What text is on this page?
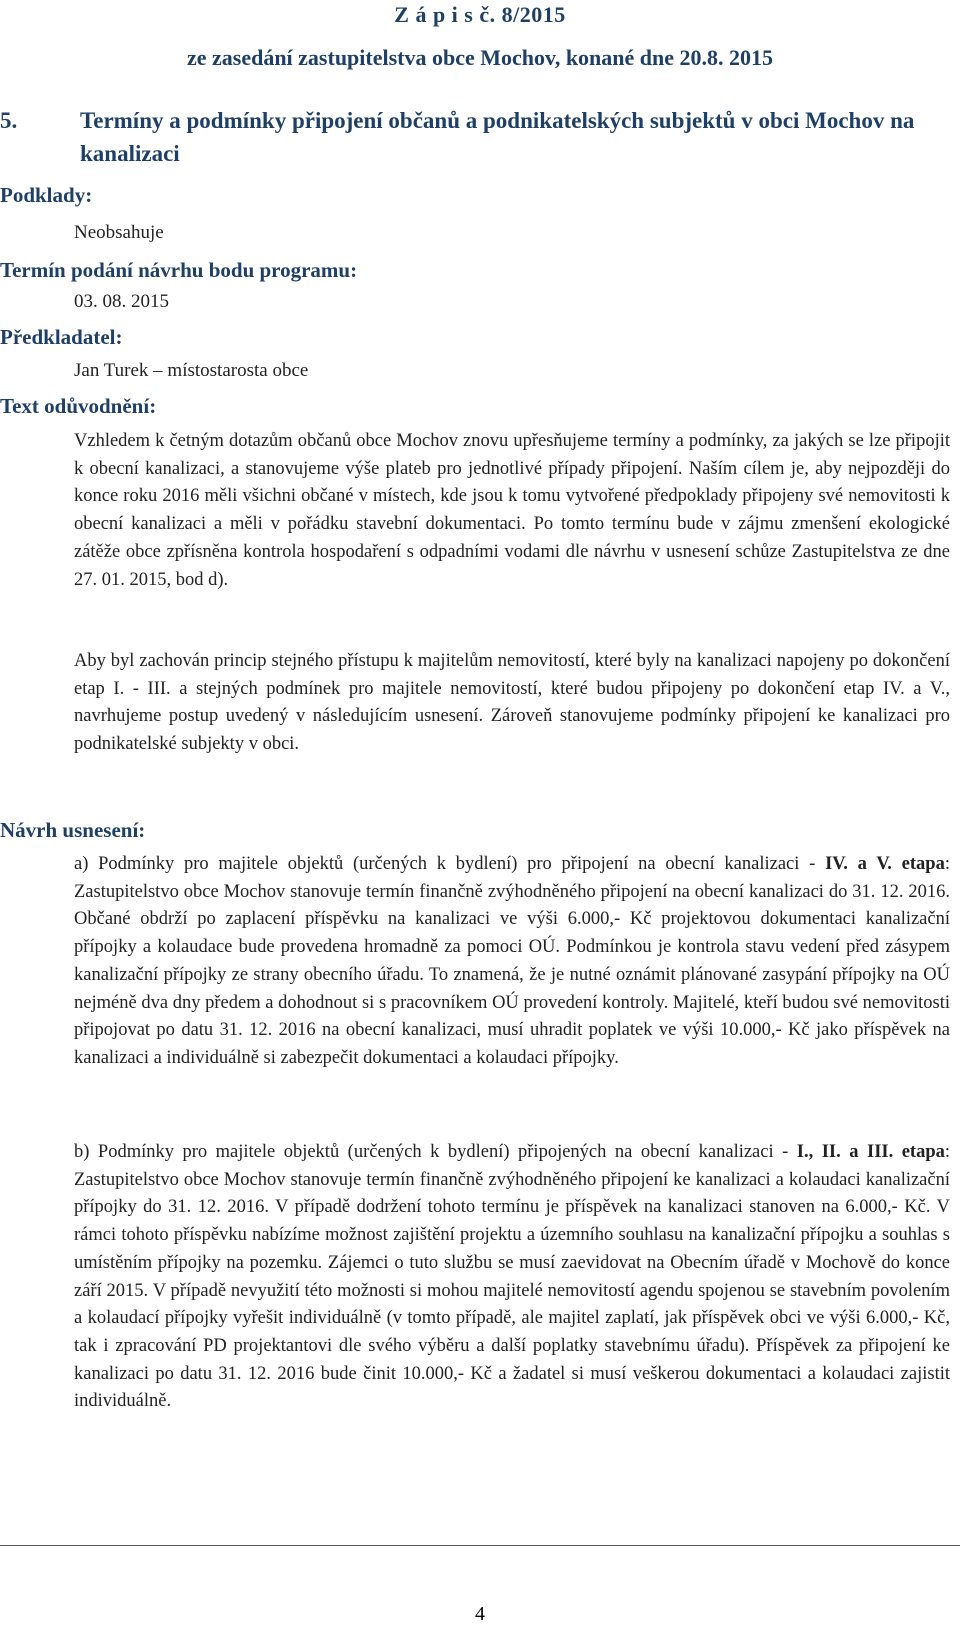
Z á p i s č. 8/2015
ze zasedání zastupitelstva obce Mochov, konané dne 20.8. 2015
5.	Termíny a podmínky připojení občanů a podnikatelských subjektů v obci Mochov na kanalizaci
Podklady:
Neobsahuje
Termín podání návrhu bodu programu:
03. 08. 2015
Předkladatel:
Jan Turek – místostarosta obce
Text odůvodnění:
Vzhledem k četným dotazům občanů obce Mochov znovu upřesňujeme termíny a podmínky, za jakých se lze připojit k obecní kanalizaci, a stanovujeme výše plateb pro jednotlivé případy připojení. Naším cílem je, aby nejpozději do konce roku 2016 měli všichni občané v místech, kde jsou k tomu vytvořené předpoklady připojeny své nemovitosti k obecní kanalizaci a měli v pořádku stavební dokumentaci. Po tomto termínu bude v zájmu zmenšení ekologické zátěže obce zpřísněna kontrola hospodaření s odpadními vodami dle návrhu v usnesení schůze Zastupitelstva ze dne 27. 01. 2015, bod d).
Aby byl zachován princip stejného přístupu k majitelům nemovitostí, které byly na kanalizaci napojeny po dokončení etap I. - III. a stejných podmínek pro majitele nemovitostí, které budou připojeny po dokončení etap IV. a V., navrhujeme postup uvedený v následujícím usnesení. Zároveň stanovujeme podmínky připojení ke kanalizaci pro podnikatelské subjekty v obci.
Návrh usnesení:
a) Podmínky pro majitele objektů (určených k bydlení) pro připojení na obecní kanalizaci - IV. a V. etapa: Zastupitelstvo obce Mochov stanovuje termín finančně zvýhodněného připojení na obecní kanalizaci do 31. 12. 2016. Občané obdrží po zaplacení příspěvku na kanalizaci ve výši 6.000,- Kč projektovou dokumentaci kanalizační přípojky a kolaudace bude provedena hromadně za pomoci OÚ. Podmínkou je kontrola stavu vedení před zásypem kanalizační přípojky ze strany obecního úřadu. To znamená, že je nutné oznámit plánované zasypání přípojky na OÚ nejméně dva dny předem a dohodnout si s pracovníkem OÚ provedení kontroly. Majitelé, kteří budou své nemovitosti připojovat po datu 31. 12. 2016 na obecní kanalizaci, musí uhradit poplatek ve výši 10.000,- Kč jako příspěvek na kanalizaci a individuálně si zabezpečit dokumentaci a kolaudaci přípojky.
b) Podmínky pro majitele objektů (určených k bydlení) připojených na obecní kanalizaci - I., II. a III. etapa: Zastupitelstvo obce Mochov stanovuje termín finančně zvýhodněného připojení ke kanalizaci a kolaudaci kanalizační přípojky do 31. 12. 2016. V případě dodržení tohoto termínu je příspěvek na kanalizaci stanoven na 6.000,- Kč. V rámci tohoto příspěvku nabízíme možnost zajištění projektu a územního souhlasu na kanalizační přípojku a souhlas s umístěním přípojky na pozemku. Zájemci o tuto službu se musí zaevidovat na Obecním úřadě v Mochově do konce září 2015. V případě nevyužití této možnosti si mohou majitelé nemovitostí agendu spojenou se stavebním povolením a kolaudací přípojky vyřešit individuálně (v tomto případě, ale majitel zaplatí, jak příspěvek obci ve výši 6.000,- Kč, tak i zpracování PD projektantovi dle svého výběru a další poplatky stavebnímu úřadu). Příspěvek za připojení ke kanalizaci po datu 31. 12. 2016 bude činit 10.000,- Kč a žadatel si musí veškerou dokumentaci a kolaudaci zajistit individuálně.
4
